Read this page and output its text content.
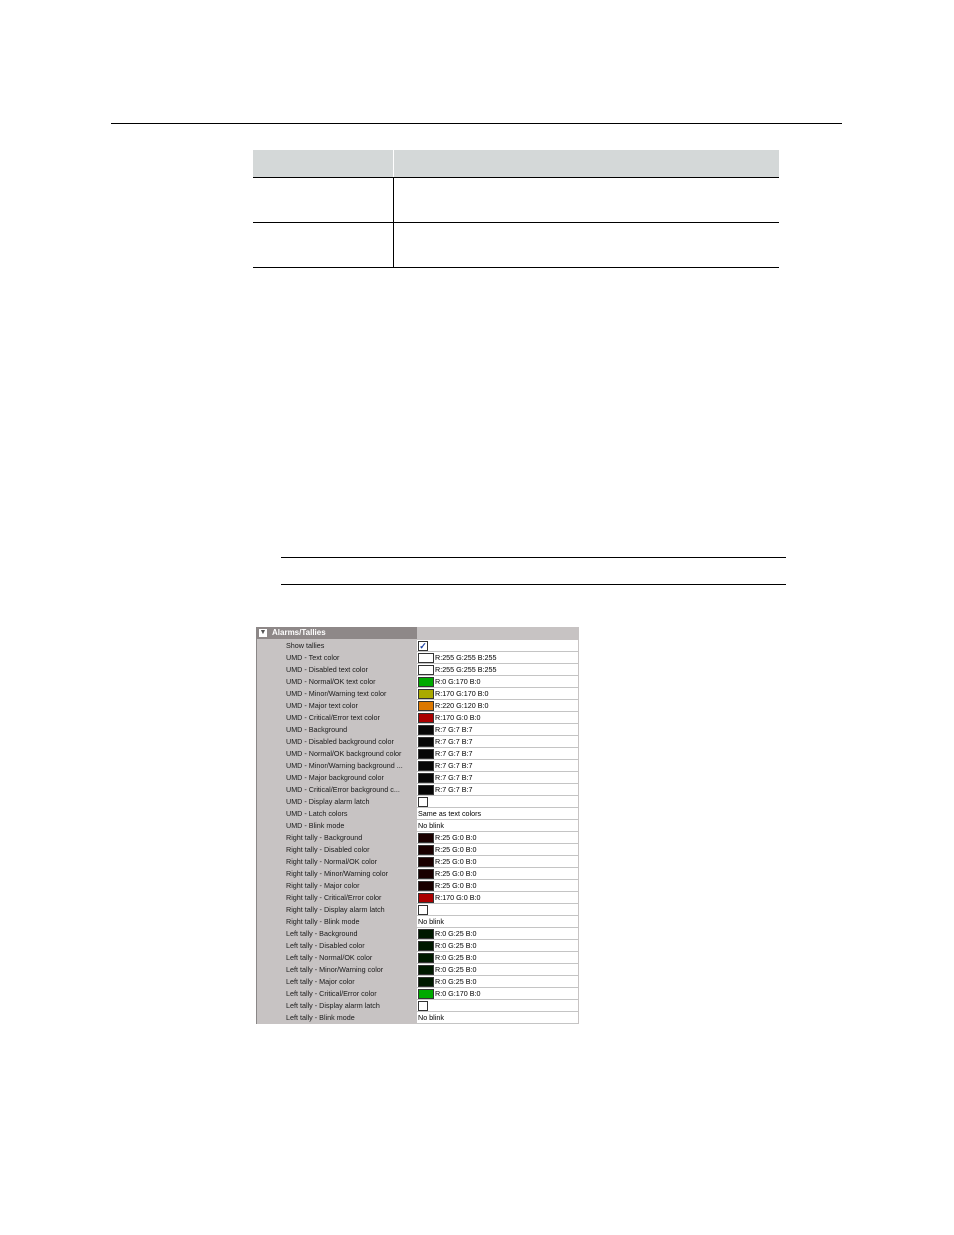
▼ Alarms/Tallies
Show tallies	✓
UMD - Text color	R:255 G:255 B:255
UMD - Disabled text color	R:255 G:255 B:255
UMD - Normal/OK text color	R:0 G:170 B:0
UMD - Minor/Warning text color	R:170 G:170 B:0
UMD - Major text color	R:220 G:120 B:0
UMD - Critical/Error text color	R:170 G:0 B:0
UMD - Background	R:7 G:7 B:7
UMD - Disabled background color	R:7 G:7 B:7
UMD - Normal/OK background color	R:7 G:7 B:7
UMD - Minor/Warning background ...	R:7 G:7 B:7
UMD - Major background color	R:7 G:7 B:7
UMD - Critical/Error background c...	R:7 G:7 B:7
UMD - Display alarm latch
UMD - Latch colors	Same as text colors
UMD - Blink mode	No blink
Right tally - Background	R:25 G:0 B:0
Right tally - Disabled color	R:25 G:0 B:0
Right tally - Normal/OK color	R:25 G:0 B:0
Right tally - Minor/Warning color	R:25 G:0 B:0
Right tally - Major color	R:25 G:0 B:0
Right tally - Critical/Error color	R:170 G:0 B:0
Right tally - Display alarm latch
Right tally - Blink mode	No blink
Left tally - Background	R:0 G:25 B:0
Left tally - Disabled color	R:0 G:25 B:0
Left tally - Normal/OK color	R:0 G:25 B:0
Left tally - Minor/Warning color	R:0 G:25 B:0
Left tally - Major color	R:0 G:25 B:0
Left tally - Critical/Error color	R:0 G:170 B:0
Left tally - Display alarm latch
Left tally - Blink mode	No blink
